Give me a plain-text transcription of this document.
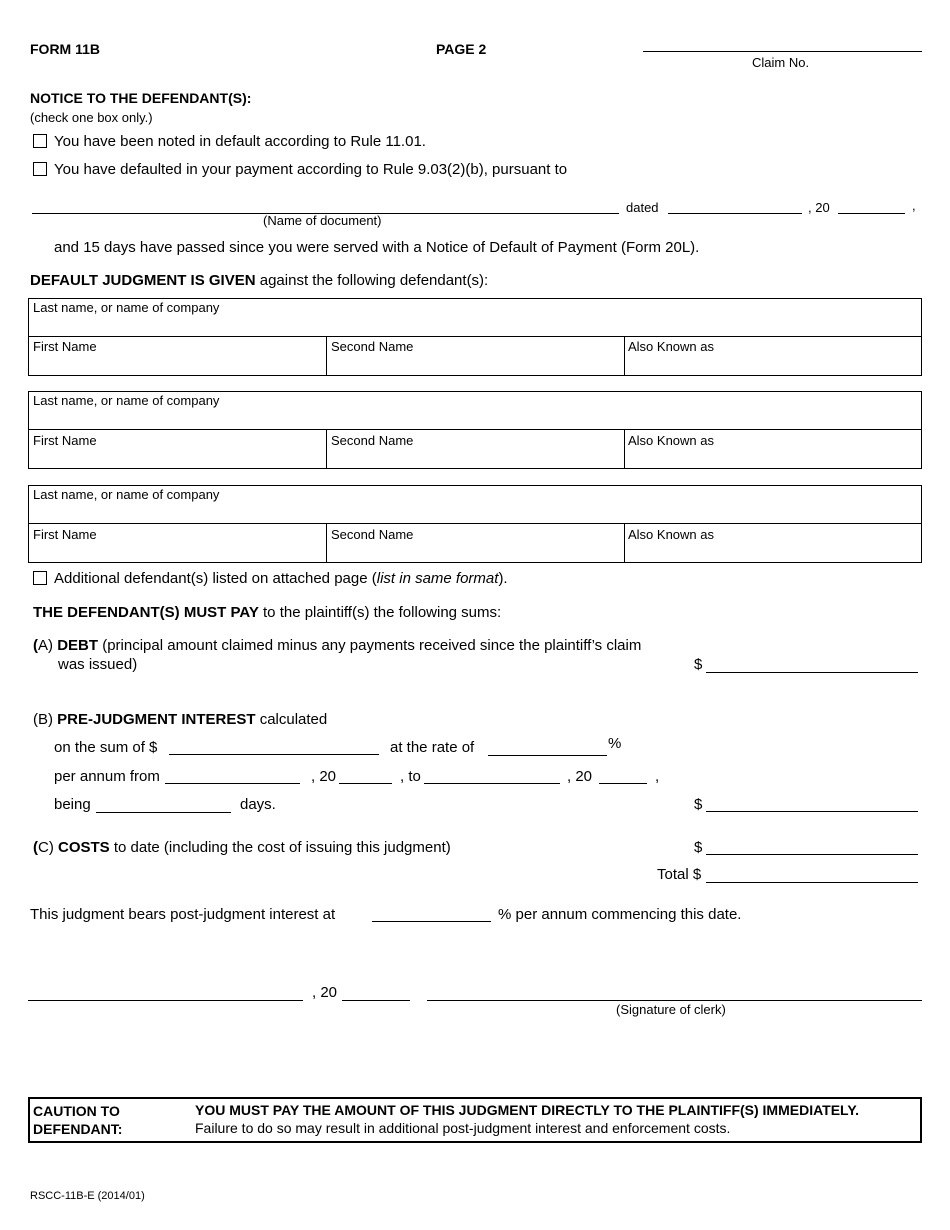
FORM 11B	PAGE 2
Claim No.
NOTICE TO THE DEFENDANT(S):
(check one box only.)
You have been noted in default according to Rule 11.01.
You have defaulted in your payment according to Rule 9.03(2)(b), pursuant to
(Name of document)
dated	, 20	,
and 15 days have passed since you were served with a Notice of Default of Payment (Form 20L).
DEFAULT JUDGMENT IS GIVEN against the following defendant(s):
Last name, or name of company
First Name	Second Name	Also Known as
Last name, or name of company
First Name	Second Name	Also Known as
Last name, or name of company
First Name	Second Name	Also Known as
Additional defendant(s) listed on attached page (list in same format).
THE DEFENDANT(S) MUST PAY to the plaintiff(s) the following sums:
(A) DEBT (principal amount claimed minus any payments received since the plaintiff’s claim
was issued)	$
(B) PRE-JUDGMENT INTEREST calculated
on the sum of $	at the rate of	%
per annum from	, 20	, to	, 20	,
being	days.	$
(C) COSTS to date (including the cost of issuing this judgment)	$
Total $
This judgment bears post-judgment interest at	% per annum commencing this date.
, 20
(Signature of clerk)
CAUTION TO
DEFENDANT:
YOU MUST PAY THE AMOUNT OF THIS JUDGMENT DIRECTLY TO THE PLAINTIFF(S) IMMEDIATELY.
Failure to do so may result in additional post-judgment interest and enforcement costs.
RSCC-11B-E (2014/01)
